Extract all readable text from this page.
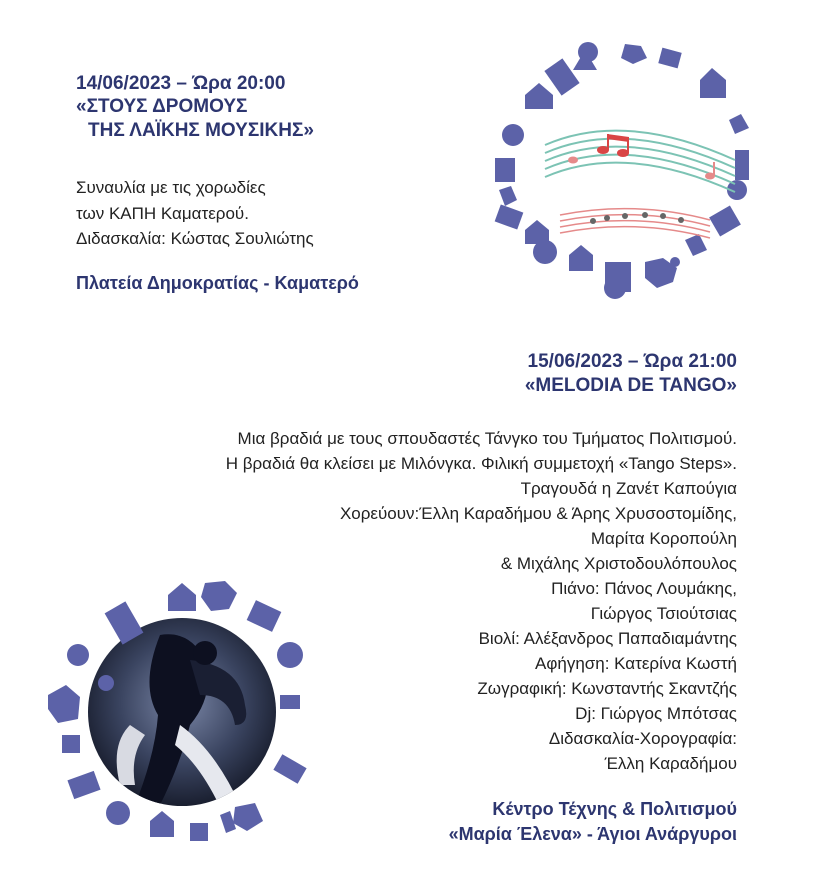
14/06/2023 – Ώρα 20:00
«ΣΤΟΥΣ ΔΡΟΜΟΥΣ
ΤΗΣ ΛΑΪΚΗΣ ΜΟΥΣΙΚΗΣ»
Συναυλία με τις χορωδίες
των ΚΑΠΗ Καματερού.
Διδασκαλία: Κώστας Σουλιώτης
Πλατεία Δημοκρατίας - Καματερό
15/06/2023 – Ώρα 21:00
«MELODIA DE TANGO»
Μια βραδιά με τους σπουδαστές Τάνγκο του Τμήματος Πολιτισμού.
Η βραδιά θα κλείσει με Μιλόνγκα. Φιλική συμμετοχή «Tango Steps».
Τραγουδά η Ζανέτ Καπούγια
Χορεύουν:Έλλη Καραδήμου & Άρης Χρυσοστομίδης,
Μαρίτα Κοροπούλη
& Μιχάλης Χριστοδουλόπουλος
Πιάνο: Πάνος Λουμάκης,
Γιώργος Τσιούτσιας
Βιολί: Αλέξανδρος Παπαδιαμάντης
Αφήγηση: Κατερίνα Κωστή
Ζωγραφική: Κωνσταντής Σκαντζής
Dj: Γιώργος Μπότσας
Διδασκαλία-Χορογραφία:
Έλλη Καραδήμου
Κέντρο Τέχνης & Πολιτισμού
«Μαρία Έλενα» - Άγιοι Ανάργυροι
